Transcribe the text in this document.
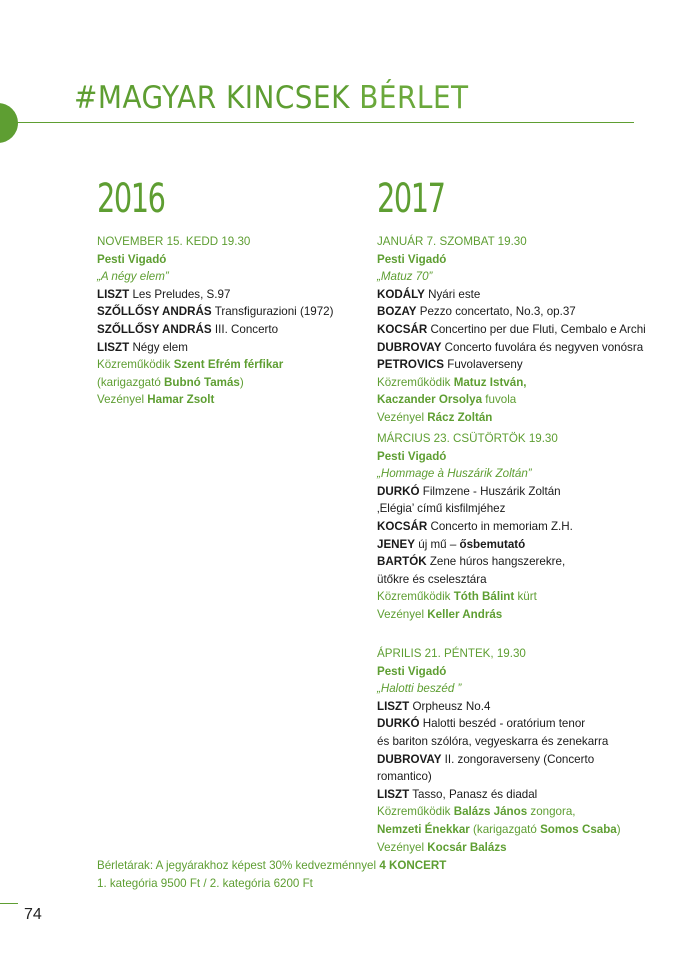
#MAGYAR KINCSEK BÉRLET
2016	2017
NOVEMBER 15. KEDD 19.30
Pesti Vigadó
„A négy elem”
LISZT Les Preludes, S.97
SZŐLLŐSY ANDRÁS Transfigurazioni (1972)
SZŐLLŐSY ANDRÁS III. Concerto
LISZT Négy elem
Közreműködik Szent Efrém férfikar
(karigazgató Bubnó Tamás)
Vezényel Hamar Zsolt
JANUÁR 7. SZOMBAT 19.30
Pesti Vigadó
„Matuz 70”
KODÁLY Nyári este
BOZAY Pezzo concertato, No.3, op.37
KOCSÁR Concertino per due Fluti, Cembalo e Archi
DUBROVAY Concerto fuvolára és negyven vonósra
PETROVICS Fuvolaverseny
Közreműködik Matuz István,
Kaczander Orsolya fuvola
Vezényel Rácz Zoltán
MÁRCIUS 23. CSÜTÖRTÖK 19.30
Pesti Vigadó
„Hommage à Huszárik Zoltán”
DURKÓ Filmzene - Huszárik Zoltán
‚Elégia’ című kisfilmjéhez
KOCSÁR Concerto in memoriam Z.H.
JENEY új mű – ősbemutató
BARTÓK Zene húros hangszerekre,
ütőkre és cselesztára
Közreműködik Tóth Bálint kürt
Vezényel Keller András
ÁPRILIS 21. PÉNTEK, 19.30
Pesti Vigadó
„Halotti beszéd ”
LISZT Orpheusz No.4
DURKÓ Halotti beszéd - oratórium tenor
és bariton szólóra, vegyeskarra és zenekarra
DUBROVAY II. zongoraverseny (Concerto
romantico)
LISZT Tasso, Panasz és diadal
Közreműködik Balázs János zongora,
Nemzeti Énekkar (karigazgató Somos Csaba)
Vezényel Kocsár Balázs
Bérletárak: A jegyárakhoz képest 30% kedvezménnyel 4 KONCERT
1. kategória 9500 Ft / 2. kategória 6200 Ft
74
